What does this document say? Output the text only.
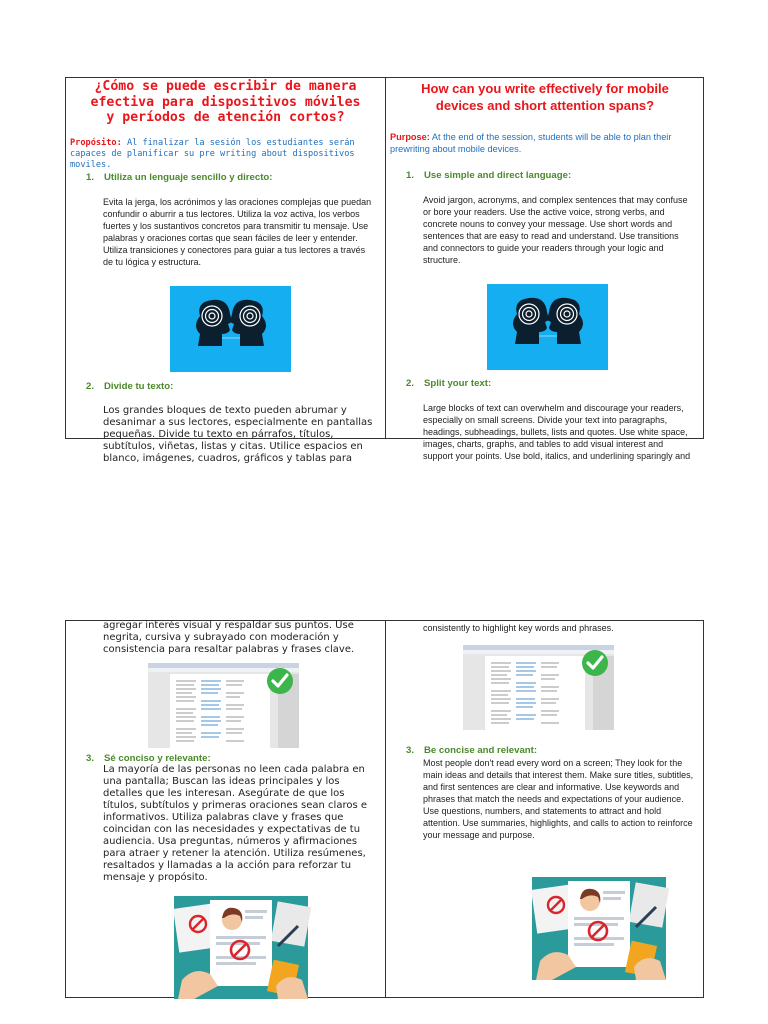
¿Cómo se puede escribir de manera efectiva para dispositivos móviles y períodos de atención cortos?
Propósito: Al finalizar la sesión los estudiantes serán capaces de planificar su pre writing about dispositivos moviles.
1. Utiliza un lenguaje sencillo y directo:
Evita la jerga, los acrónimos y las oraciones complejas que puedan confundir o aburrir a tus lectores. Utiliza la voz activa, los verbos fuertes y los sustantivos concretos para transmitir tu mensaje. Use palabras y oraciones cortas que sean fáciles de leer y entender. Utiliza transiciones y conectores para guiar a tus lectores a través de tu lógica y estructura.
2. Divide tu texto:
Los grandes bloques de texto pueden abrumar y desanimar a sus lectores, especialmente en pantallas pequeñas. Divide tu texto en párrafos, títulos, subtítulos, viñetas, listas y citas. Utilice espacios en blanco, imágenes, cuadros, gráficos y tablas para
How can you write effectively for mobile devices and short attention spans?
Purpose: At the end of the session, students will be able to plan their prewriting about mobile devices.
1. Use simple and direct language:
Avoid jargon, acronyms, and complex sentences that may confuse or bore your readers. Use the active voice, strong verbs, and concrete nouns to convey your message. Use short words and sentences that are easy to read and understand. Use transitions and connectors to guide your readers through your logic and structure.
2. Split your text:
Large blocks of text can overwhelm and discourage your readers, especially on small screens. Divide your text into paragraphs, headings, subheadings, bullets, lists and quotes. Use white space, images, charts, graphs, and tables to add visual interest and support your points. Use bold, italics, and underlining sparingly and
agregar interés visual y respaldar sus puntos. Use negrita, cursiva y subrayado con moderación y consistencia para resaltar palabras y frases clave.
3. Sé conciso y relevante:
La mayoría de las personas no leen cada palabra en una pantalla; Buscan las ideas principales y los detalles que les interesan. Asegúrate de que los títulos, subtítulos y primeras oraciones sean claros e informativos. Utiliza palabras clave y frases que coincidan con las necesidades y expectativas de tu audiencia. Usa preguntas, números y afirmaciones para atraer y retener la atención. Utiliza resúmenes, resaltados y llamadas a la acción para reforzar tu mensaje y propósito.
consistently to highlight key words and phrases.
3. Be concise and relevant:
Most people don't read every word on a screen; They look for the main ideas and details that interest them. Make sure titles, subtitles, and first sentences are clear and informative. Use keywords and phrases that match the needs and expectations of your audience. Use questions, numbers, and statements to attract and hold attention. Use summaries, highlights, and calls to action to reinforce your message and purpose.
